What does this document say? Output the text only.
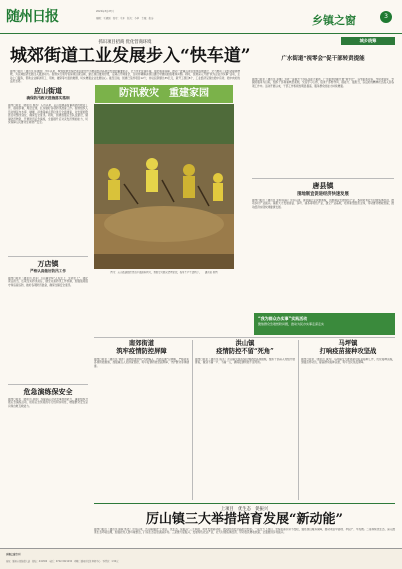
随州日报	2022年3月27日
编辑：王建国　校对：王芳　版式：李华　美编：张涛	乡镇之窗	3
抓识项目招商 优化营商环境
城郊街道工业发展步入“快车道”
随州日报讯（通讯员 陈建国）今年以来，城郊街道坚持把项目建设作为推动经济高质量发展的重要抓手，全力优化营商环境，强化服务保障，推动一批重点项目加快落地建设，全力推动工业经济提质增效，为区域经济发展注入强劲动力。街道实行领导包保项目责任制，建立项目推进台账，定期召开调度会，及时协调解决项目建设中遇到的困难和问题。同时，街道深入开展“我为企业办实事”活动，主动上门服务，帮助企业解决用工、用地、融资等方面的难题，切实增强企业发展信心。截至目前，街道已签约项目12个，协议投资额达35亿元，新开工项目8个，工业经济呈现出稳中有进、稳中向好的良好态势。
城乡统筹
广水街道“视零会”促干部转责提能
随州日报讯（通讯员 李娜）为进一步提升干部队伍能力素质，广水街道创新开展“视零会”，以零距离对标、零时差落实、零缺陷服务为目标，组织干部观看典型案例，交流学习心得，促进干部转作风、提能力、强担当，以良好的精神状态投入到各项工作中。活动开展以来，干部工作积极性明显提高，服务群众的能力持续增强。
唐县镇
围地制宜促进经济快速发展
随州日报讯（通讯员 张明 程丽）今年以来，唐县镇立足资源禀赋，因地制宜发展特色产业，积极培育壮大村级集体经济，推动乡村产业振兴。镇里大力发展香菇、茶叶、油茶等特色产业，建立产业基地，培育新型经营主体，带动群众增收致富，推动经济实现快速健康发展。
应山街道
确保防汛救灾措施落实落细
随州日报讯（通讯员 周涛）入汛以来，应山街道高度重视防汛救灾工作，提前部署，周密安排，扎实做好各项防汛准备工作。街道组织人员对辖区内水库、塘堰、河道等重点部位进行全面排查，对发现的隐患及时整改到位，确保安全度汛。同时，街道加强应急队伍建设，储备防汛物资，开展防汛应急演练，全面提升应对突发汛情的能力，切实保障人民群众生命财产安全。
万店镇
严格认真做好防汛工作
随州日报讯（通讯员 吴军）万店镇坚持“人民至上、生命至上”，强化责任担当，压紧压实防汛责任，健全完善防汛工作机制，加强值班值守和巡查巡防，做好各项防汛准备，确保全镇安全度汛。
危急演练保安全
随州日报讯（通讯员 孙伟）为提高应对突发事件的能力，镇里组织开展应急演练活动，检验应急预案的可行性和实用性，增强群众安全意识和自救互救能力。
防汛救灾　重建家园
图为：应山街道组织党员干部抢险救灾，帮助受灾群众清理淤泥，恢复生产生活秩序。　　通讯员 供图
“我为群众办实事”实践活动
聚焦群众急难愁盼问题，推动为民办实事走深走实
南郊街道
筑牢疫情防控屏障
随州日报讯（通讯员 刘洋）南郊街道坚持“外防输入、内防反弹”总策略，严格落实各项防控措施，加强重点人员排查管控，筑牢疫情防控坚固屏障，守护群众身体健康。
洪山镇
疫情防控不留“死角”
随州日报讯（通讯员 陈平）洪山镇全面落实疫情防控各项措施，组织干部深入村组开展排查，做到不漏一户、不漏一人，确保疫情防控不留死角。
马坪镇
打响疫苗接种攻坚战
随州日报讯（通讯员 黄涛）马坪镇全力推进新冠疫苗接种工作，优化接种流程，加强宣传动员，提高群众接种意愿，筑牢全民免疫屏障。
上项目　优生态　促振兴
厉山镇三大举措培育发展“新动能”
随州日报讯（通讯员 胡斌 郑洁）今年以来，厉山镇围绕“上项目、优生态、促振兴”三大举措，培育发展新动能，推动经济社会高质量发展。一是全力上项目，坚持招商引资不放松，强化项目服务保障，推动项目早落地、早投产、早见效。二是持续优生态，深入推进生态环境治理，加强农村人居环境整治，打造生态宜居美丽乡村。三是聚力促振兴，发展特色农业产业，壮大村级集体经济，带动农民增收致富，全面推进乡村振兴。
乡镇之窗专刊
地址：随州市擂鼓墩大道　邮编：441300　电话：0722-3221234　印刷：随州日报社印务中心　零售价：1.50元
